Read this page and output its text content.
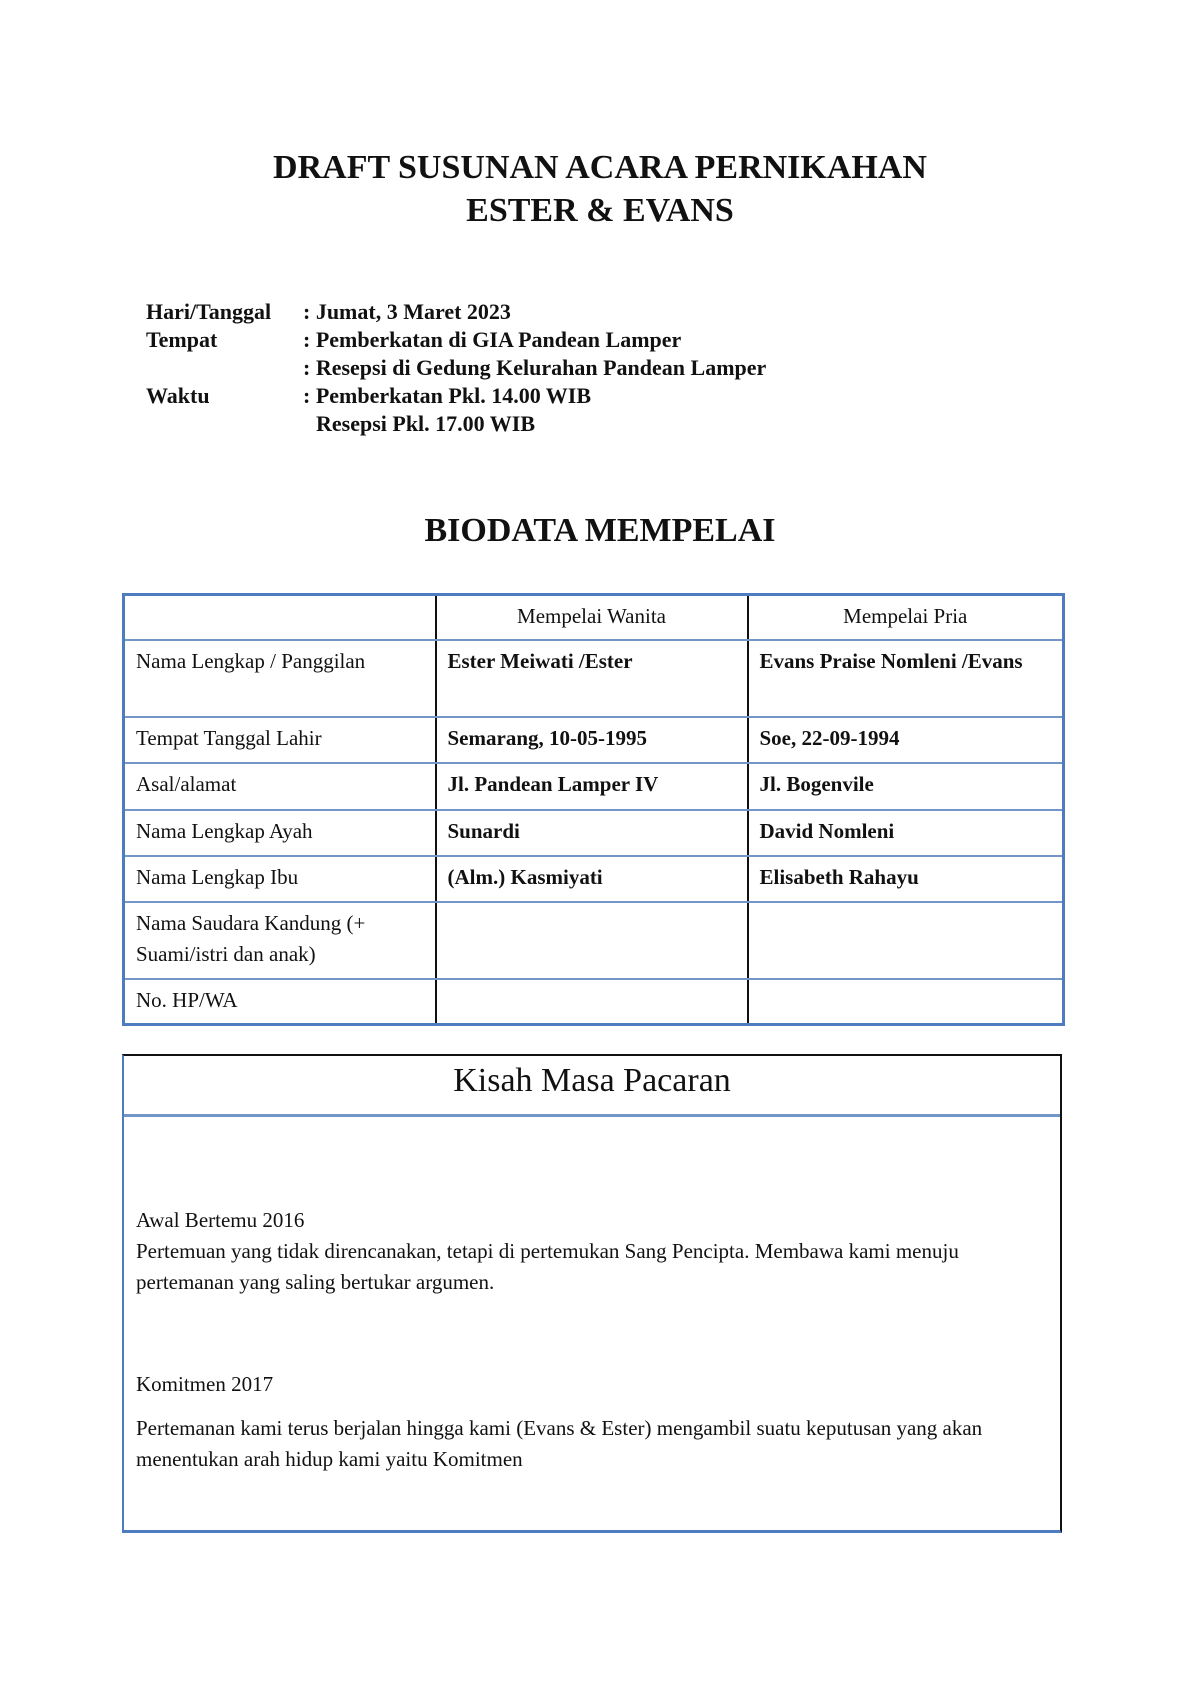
DRAFT SUSUNAN ACARA PERNIKAHAN
ESTER & EVANS
Hari/Tanggal : Jumat, 3 Maret 2023
Tempat	: Pemberkatan di GIA Pandean Lamper
: Resepsi di Gedung Kelurahan Pandean Lamper
Waktu	: Pemberkatan Pkl. 14.00 WIB
Resepsi Pkl. 17.00 WIB
BIODATA MEMPELAI
	Mempelai Wanita	Mempelai Pria
Nama Lengkap / Panggilan	Ester Meiwati /Ester	Evans Praise Nomleni /Evans
Tempat Tanggal Lahir	Semarang, 10-05-1995	Soe, 22-09-1994
Asal/alamat	Jl. Pandean Lamper IV	Jl. Bogenvile
Nama Lengkap Ayah	Sunardi	David Nomleni
Nama Lengkap Ibu	(Alm.) Kasmiyati	Elisabeth Rahayu
Nama Saudara Kandung (+ Suami/istri dan anak)		
No. HP/WA		
Kisah Masa Pacaran
Awal Bertemu 2016
Pertemuan yang tidak direncanakan, tetapi di pertemukan Sang Pencipta. Membawa kami menuju pertemanan yang saling bertukar argumen.
Komitmen 2017
Pertemanan kami terus berjalan hingga kami (Evans & Ester) mengambil suatu keputusan yang akan menentukan arah hidup kami yaitu Komitmen
